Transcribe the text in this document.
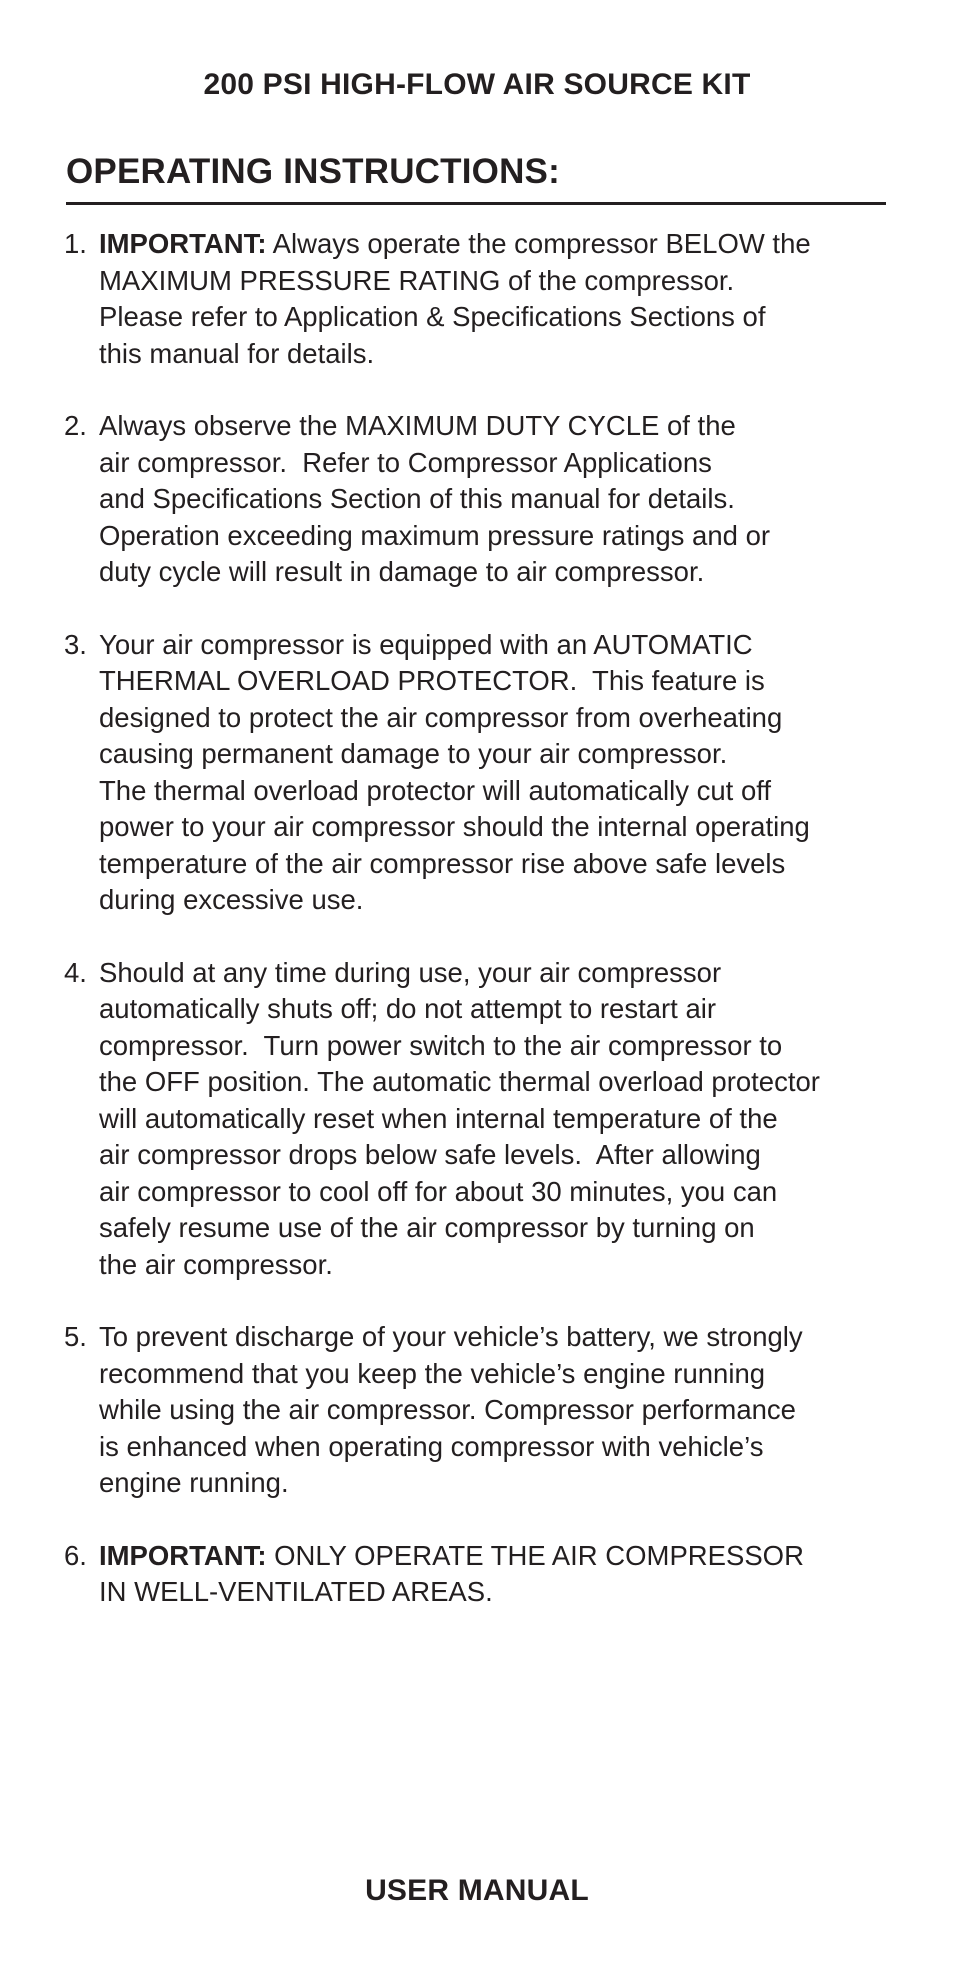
200 PSI HIGH-FLOW AIR SOURCE KIT
OPERATING INSTRUCTIONS:
1. IMPORTANT: Always operate the compressor BELOW the
MAXIMUM PRESSURE RATING of the compressor.
Please refer to Application & Specifications Sections of
this manual for details.
2. Always observe the MAXIMUM DUTY CYCLE of the
air compressor.  Refer to Compressor Applications
and Specifications Section of this manual for details.
Operation exceeding maximum pressure ratings and or
duty cycle will result in damage to air compressor.
3. Your air compressor is equipped with an AUTOMATIC
THERMAL OVERLOAD PROTECTOR.  This feature is
designed to protect the air compressor from overheating
causing permanent damage to your air compressor.
The thermal overload protector will automatically cut off
power to your air compressor should the internal operating
temperature of the air compressor rise above safe levels
during excessive use.
4. Should at any time during use, your air compressor
automatically shuts off; do not attempt to restart air
compressor.  Turn power switch to the air compressor to
the OFF position. The automatic thermal overload protector
will automatically reset when internal temperature of the
air compressor drops below safe levels.  After allowing
air compressor to cool off for about 30 minutes, you can
safely resume use of the air compressor by turning on
the air compressor.
5. To prevent discharge of your vehicle’s battery, we strongly
recommend that you keep the vehicle’s engine running
while using the air compressor. Compressor performance
is enhanced when operating compressor with vehicle’s
engine running.
6. IMPORTANT: ONLY OPERATE THE AIR COMPRESSOR
IN WELL-VENTILATED AREAS.
USER MANUAL
